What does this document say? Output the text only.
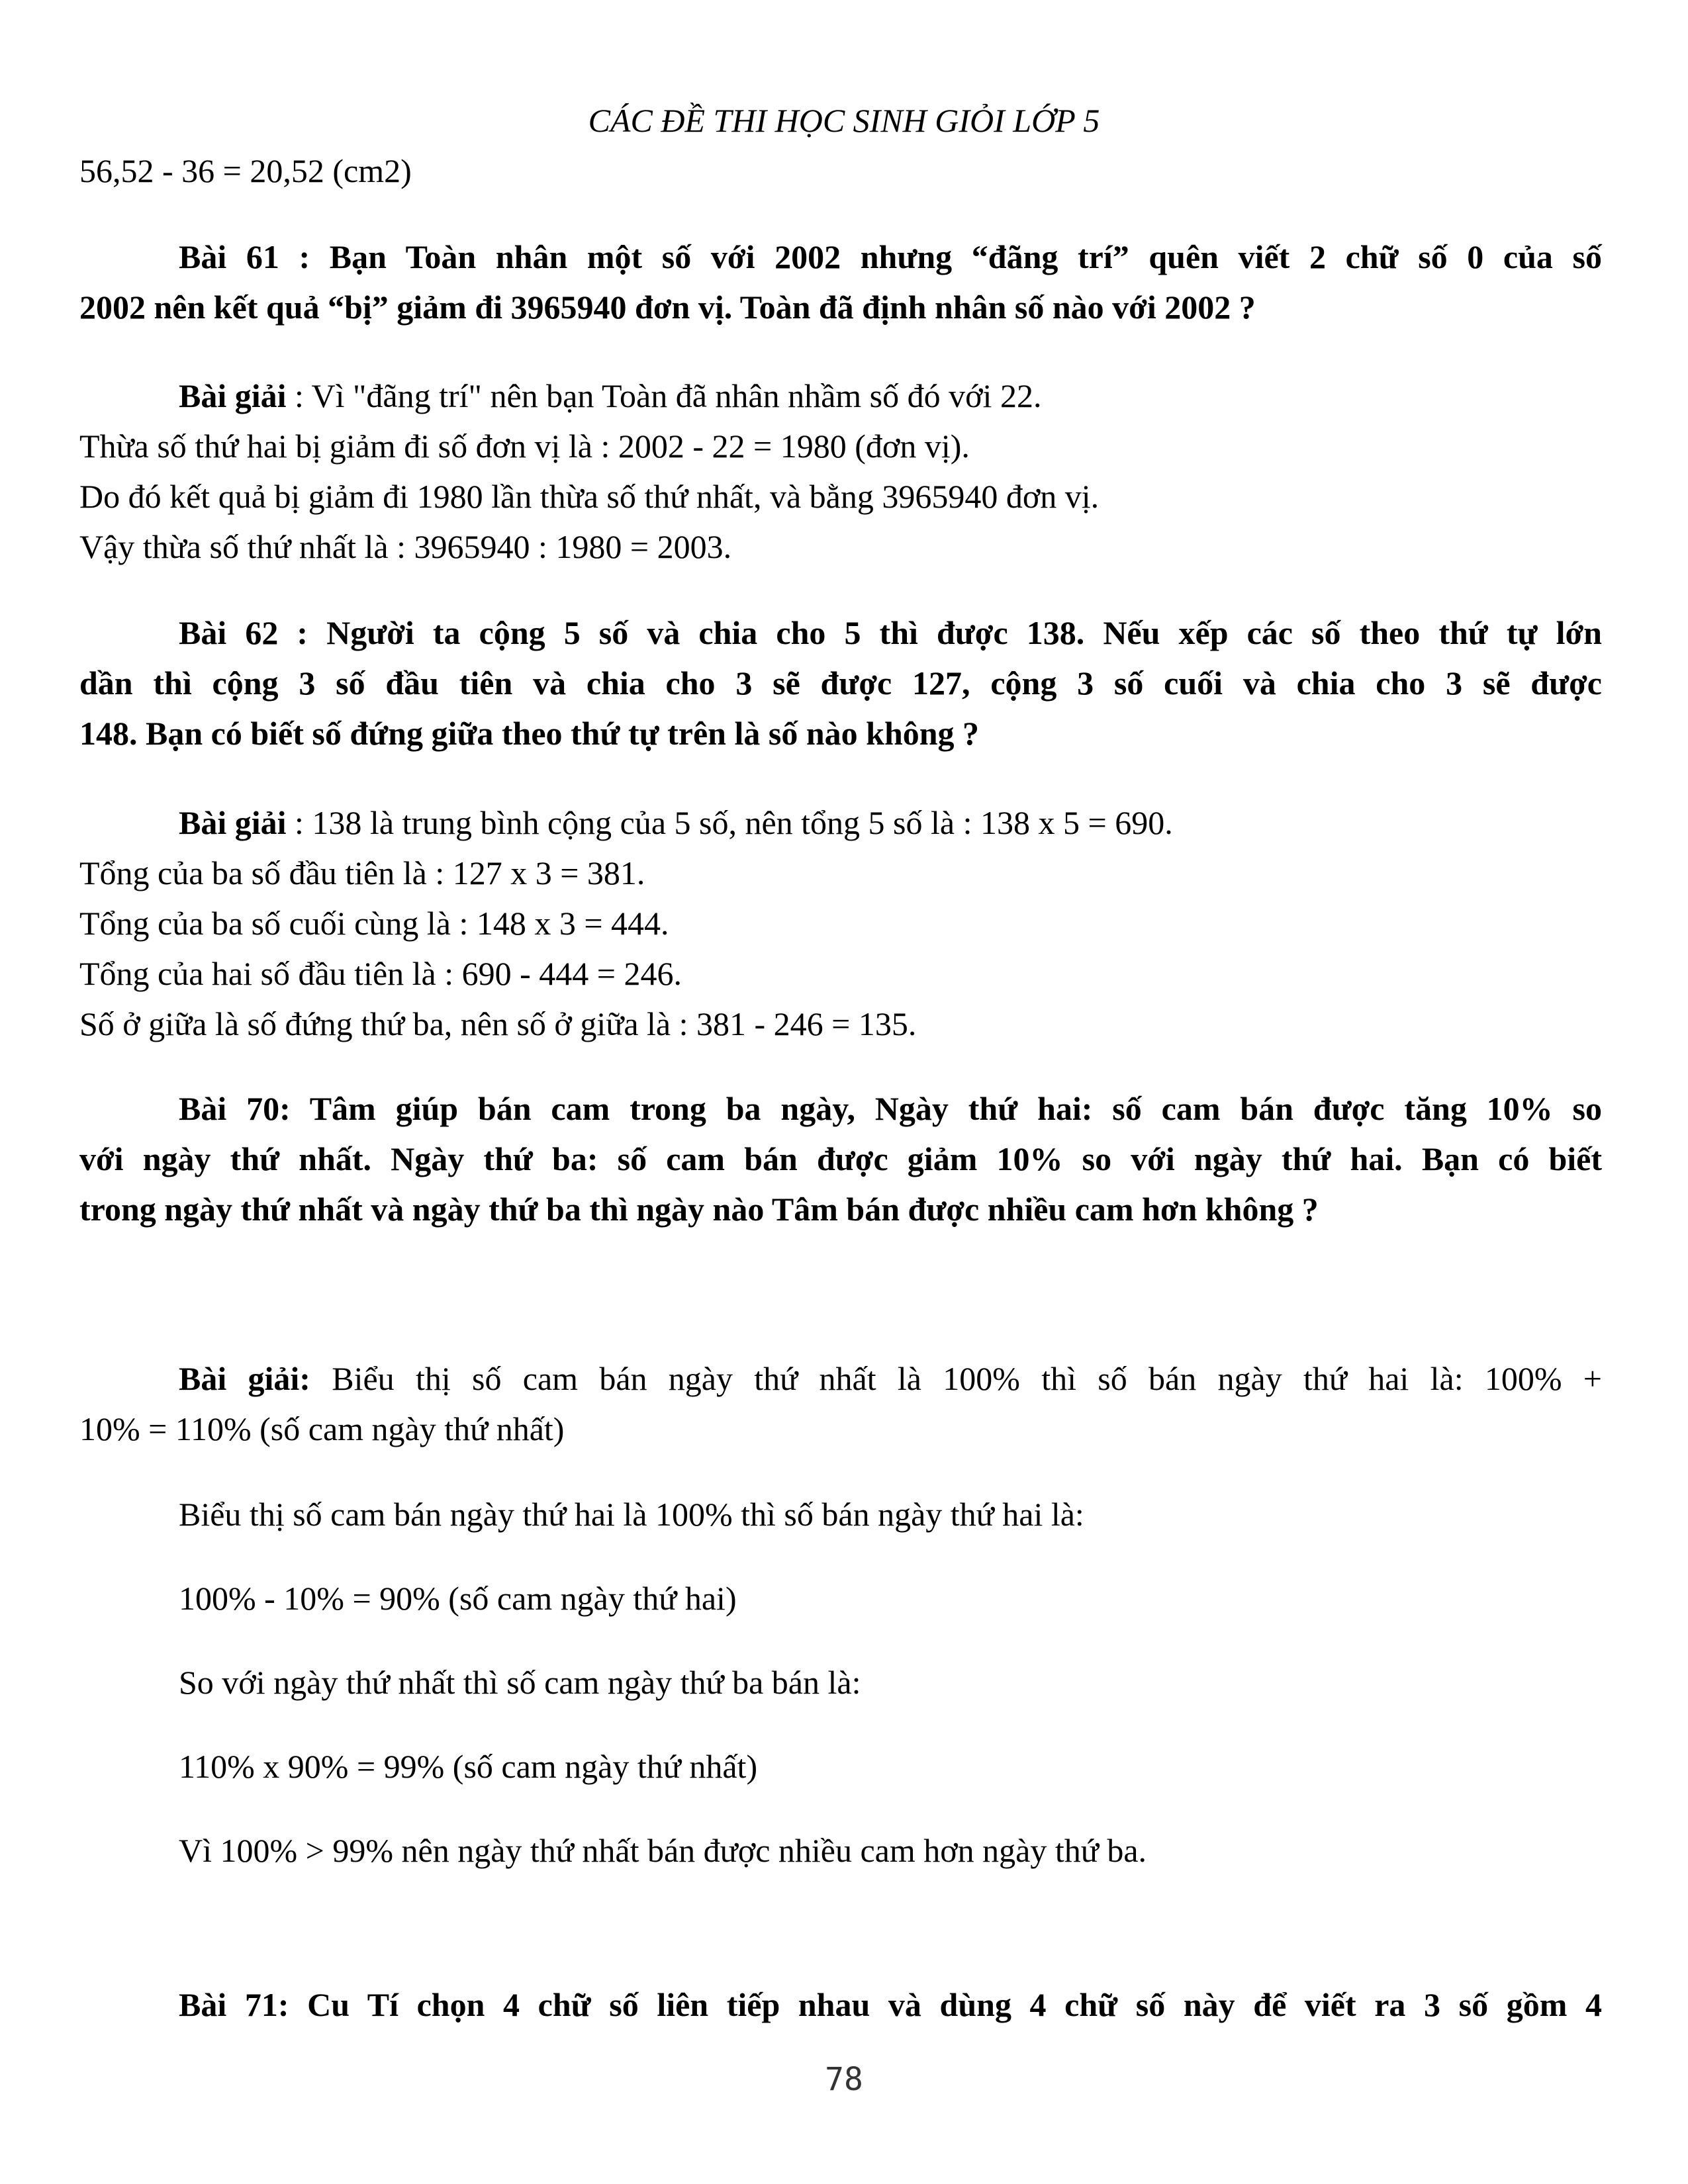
CÁC ĐỀ THI HỌC SINH GIỎI LỚP 5
56,52 - 36 = 20,52 (cm2)
Bài 61 : Bạn Toàn nhân một số với 2002 nhưng “đãng trí” quên viết 2 chữ số 0 của số
2002 nên kết quả “bị” giảm đi 3965940 đơn vị. Toàn đã định nhân số nào với 2002 ?
Bài giải : Vì "đãng trí" nên bạn Toàn đã nhân nhầm số đó với 22.
Thừa số thứ hai bị giảm đi số đơn vị là : 2002 - 22 = 1980 (đơn vị).
Do đó kết quả bị giảm đi 1980 lần thừa số thứ nhất, và bằng 3965940 đơn vị.
Vậy thừa số thứ nhất là : 3965940 : 1980 = 2003.
Bài 62 : Người ta cộng 5 số và chia cho 5 thì được 138. Nếu xếp các số theo thứ tự lớn
dần thì cộng 3 số đầu tiên và chia cho 3 sẽ được 127, cộng 3 số cuối và chia cho 3 sẽ được
148. Bạn có biết số đứng giữa theo thứ tự trên là số nào không ?
Bài giải : 138 là trung bình cộng của 5 số, nên tổng 5 số là : 138 x 5 = 690.
Tổng của ba số đầu tiên là : 127 x 3 = 381.
Tổng của ba số cuối cùng là : 148 x 3 = 444.
Tổng của hai số đầu tiên là : 690 - 444 = 246.
Số ở giữa là số đứng thứ ba, nên số ở giữa là : 381 - 246 = 135.
Bài 70: Tâm giúp bán cam trong ba ngày, Ngày thứ hai: số cam bán được tăng 10% so
với ngày thứ nhất. Ngày thứ ba: số cam bán được giảm 10% so với ngày thứ hai. Bạn có biết
trong ngày thứ nhất và ngày thứ ba thì ngày nào Tâm bán được nhiều cam hơn không ?
Bài giải: Biểu thị số cam bán ngày thứ nhất là 100% thì số bán ngày thứ hai là: 100% +
10% = 110% (số cam ngày thứ nhất)
Biểu thị số cam bán ngày thứ hai là 100% thì số bán ngày thứ hai là:
100% - 10% = 90% (số cam ngày thứ hai)
So với ngày thứ nhất thì số cam ngày thứ ba bán là:
110% x 90% = 99% (số cam ngày thứ nhất)
Vì 100% > 99% nên ngày thứ nhất bán được nhiều cam hơn ngày thứ ba.
Bài 71: Cu Tí chọn 4 chữ số liên tiếp nhau và dùng 4 chữ số này để viết ra 3 số gồm 4
78
